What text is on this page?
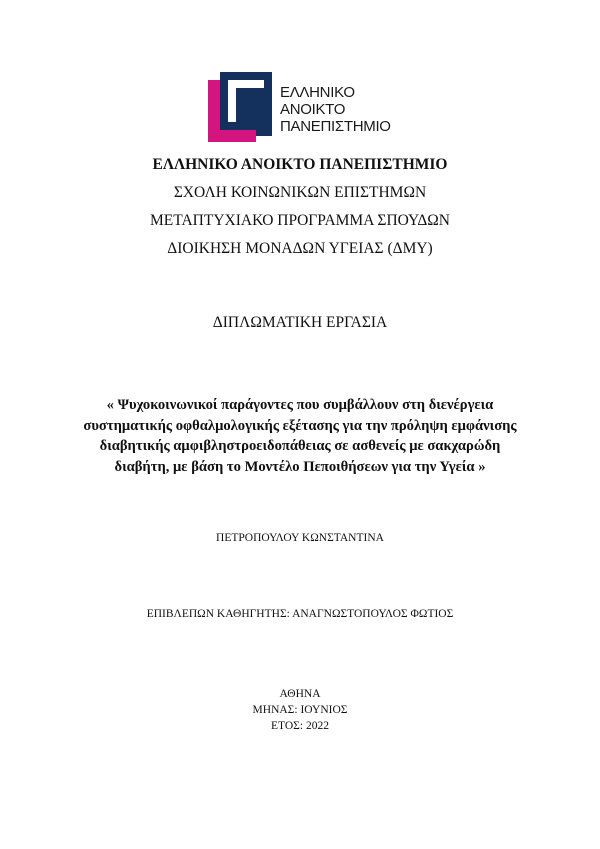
ΕΛΛΗΝΙΚΟ
ΑΝΟΙΚΤΟ
ΠΑΝΕΠΙΣΤΗΜΙΟ
ΕΛΛΗΝΙΚΟ ΑΝΟΙΚΤΟ ΠΑΝΕΠΙΣΤΗΜΙΟ
ΣΧΟΛΗ ΚΟΙΝΩΝΙΚΩΝ ΕΠΙΣΤΗΜΩΝ
ΜΕΤΑΠΤΥΧΙΑΚΟ ΠΡΟΓΡΑΜΜΑ ΣΠΟΥΔΩΝ
ΔΙΟΙΚΗΣΗ ΜΟΝΑΔΩΝ ΥΓΕΙΑΣ (ΔΜΥ)
ΔΙΠΛΩΜΑΤΙΚΗ ΕΡΓΑΣΙΑ
« Ψυχοκοινωνικοί παράγοντες που συμβάλλουν στη διενέργεια
συστηματικής οφθαλμολογικής εξέτασης για την πρόληψη εμφάνισης
διαβητικής αμφιβληστροειδοπάθειας σε ασθενείς με σακχαρώδη
διαβήτη, με βάση το Μοντέλο Πεποιθήσεων για την Υγεία »
ΠΕΤΡΟΠΟΥΛΟΥ ΚΩΝΣΤΑΝΤΙΝΑ
ΕΠΙΒΛΕΠΩΝ ΚΑΘΗΓΗΤΗΣ: ΑΝΑΓΝΩΣΤΟΠΟΥΛΟΣ ΦΩΤΙΟΣ
ΑΘΗΝΑ
ΜΗΝΑΣ: ΙΟΥΝΙΟΣ
ΕΤΟΣ: 2022
